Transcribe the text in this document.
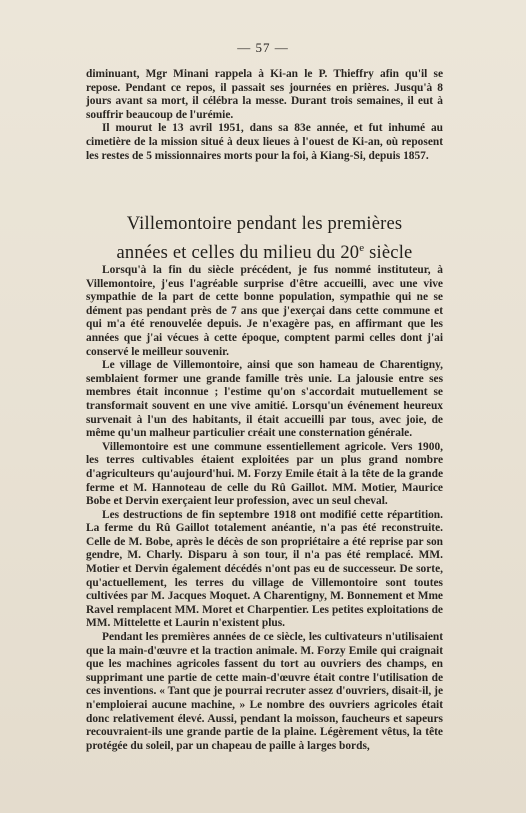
— 57 —

diminuant, Mgr Minani rappela à Ki-an le P. Thieffry afin qu'il se repose. Pendant ce repos, il passait ses journées en prières. Jusqu'à 8 jours avant sa mort, il célébra la messe. Durant trois semaines, il eut à souffrir beaucoup de l'urémie.

Il mourut le 13 avril 1951, dans sa 83e année, et fut inhumé au cimetière de la mission situé à deux lieues à l'ouest de Ki-an, où reposent les restes de 5 missionnaires morts pour la foi, à Kiang-Si, depuis 1857.

Villemontoire pendant les premières
années et celles du milieu du 20e siècle

Lorsqu'à la fin du siècle précédent, je fus nommé instituteur, à Villemontoire, j'eus l'agréable surprise d'être accueilli, avec une vive sympathie de la part de cette bonne population, sympathie qui ne se dément pas pendant près de 7 ans que j'exerçai dans cette commune et qui m'a été renouvelée depuis. Je n'exagère pas, en affirmant que les années que j'ai vécues à cette époque, comptent parmi celles dont j'ai conservé le meilleur souvenir.

Le village de Villemontoire, ainsi que son hameau de Charentigny, semblaient former une grande famille très unie. La jalousie entre ses membres était inconnue ; l'estime qu'on s'accordait mutuellement se transformait souvent en une vive amitié. Lorsqu'un événement heureux survenait à l'un des habitants, il était accueilli par tous, avec joie, de même qu'un malheur particulier créait une consternation générale.

Villemontoire est une commune essentiellement agricole. Vers 1900, les terres cultivables étaient exploitées par un plus grand nombre d'agriculteurs qu'aujourd'hui. M. Forzy Emile était à la tête de la grande ferme et M. Hannoteau de celle du Rû Gaillot. MM. Motier, Maurice Bobe et Dervin exerçaient leur profession, avec un seul cheval.

Les destructions de fin septembre 1918 ont modifié cette répartition. La ferme du Rû Gaillot totalement anéantie, n'a pas été reconstruite. Celle de M. Bobe, après le décès de son propriétaire a été reprise par son gendre, M. Charly. Disparu à son tour, il n'a pas été remplacé. MM. Motier et Dervin également décédés n'ont pas eu de successeur. De sorte, qu'actuellement, les terres du village de Villemontoire sont toutes cultivées par M. Jacques Moquet. A Charentigny, M. Bonnement et Mme Ravel remplacent MM. Moret et Charpentier. Les petites exploitations de MM. Mittelette et Laurin n'existent plus.

Pendant les premières années de ce siècle, les cultivateurs n'utilisaient que la main-d'œuvre et la traction animale. M. Forzy Emile qui craignait que les machines agricoles fassent du tort au ouvriers des champs, en supprimant une partie de cette main-d'œuvre était contre l'utilisation de ces inventions. « Tant que je pourrai recruter assez d'ouvriers, disait-il, je n'emploierai aucune machine, » Le nombre des ouvriers agricoles était donc relativement élevé. Aussi, pendant la moisson, faucheurs et sapeurs recouvraient-ils une grande partie de la plaine. Légèrement vêtus, la tête protégée du soleil, par un chapeau de paille à larges bords,
